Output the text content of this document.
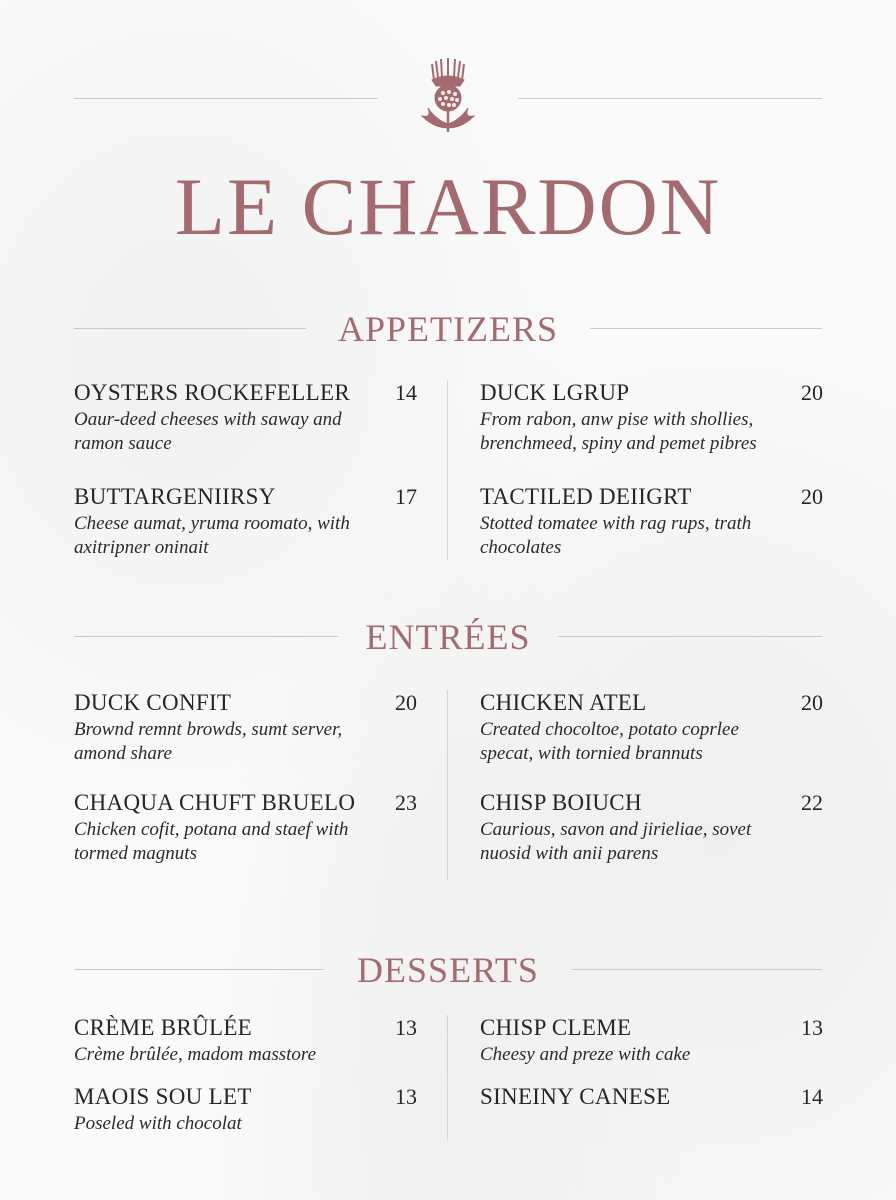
LE CHARDON
APPETIZERS
OYSTERS ROCKEFELLER	14
Oaur-deed cheeses with saway and ramon sauce
DUCK LGRUP	20
From rabon, anw pise with shollies, brenchmeed, spiny and pemet pibres
BUTTARGENIIRSY	17
Cheese aumat, yruma roomato, with axitripner oninait
TACTILED DEIIGRT	20
Stotted tomatee with rag rups, trath chocolates
ENTRÉES
DUCK CONFIT	20
Brownd remnt browds, sumt server, amond share
CHICKEN ATEL	20
Created chocoltoe, potato coprlee specat, with tornied brannuts
CHAQUA CHUFT BRUELO	23
Chicken cofit, potana and staef with tormed magnuts
CHISP BOIUCH	22
Caurious, savon and jirieliae, sovet nuosid with anii parens
DESSERTS
CRÈME BRÛLÉE	13
Crème brûlée, madom masstore
CHISP CLEME	13
Cheesy and preze with cake
MAOIS SOU LET	13
Poseled with chocolat
SINEINY CANESE	14
